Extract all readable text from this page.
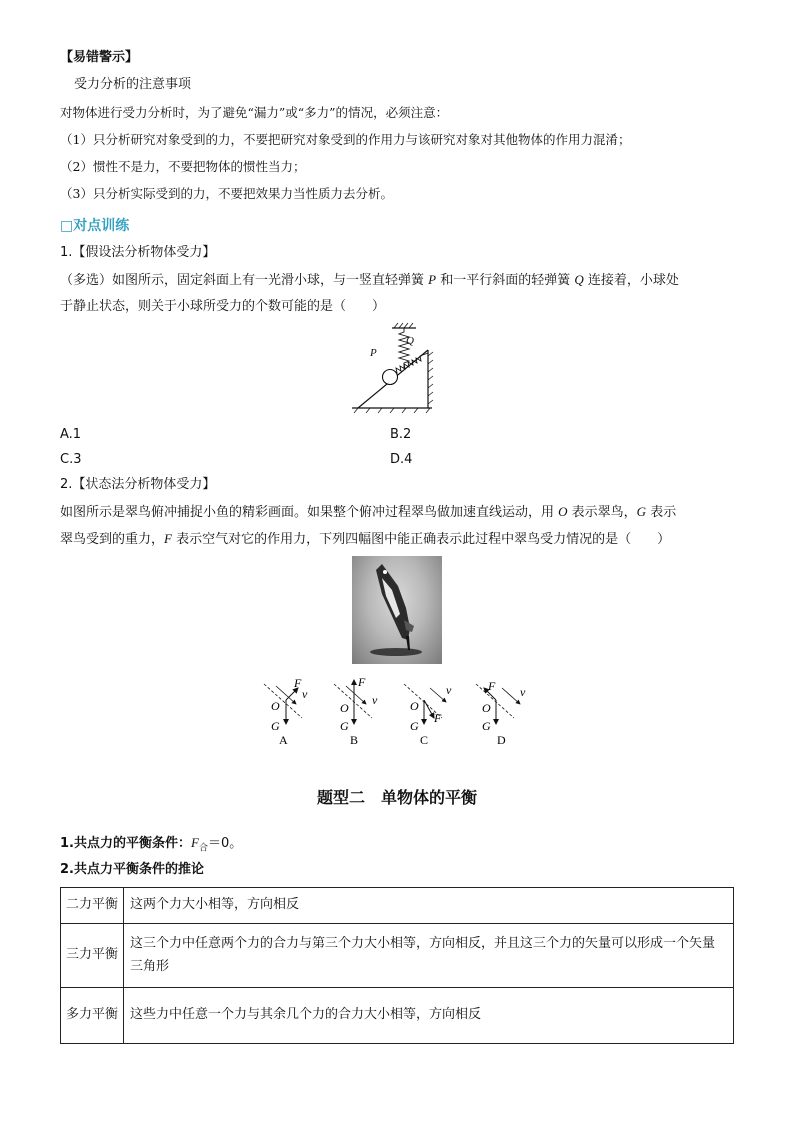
【易错警示】
受力分析的注意事项
对物体进行受力分析时，为了避免“漏力”或“多力”的情况，必须注意：
（1）只分析研究对象受到的力，不要把研究对象受到的作用力与该研究对象对其他物体的作用力混淆；
（2）惯性不是力，不要把物体的惯性当力；
（3）只分析实际受到的力，不要把效果力当性质力去分析。
□对点训练
1.【假设法分析物体受力】
（多选）如图所示，固定斜面上有一光滑小球，与一竖直轻弹簧 P 和一平行斜面的轻弹簧 Q 连接着，小球处
于静止状态，则关于小球所受力的个数可能的是（　　）
P
Q
A.1	B.2
C.3	D.4
2.【状态法分析物体受力】
如图所示是翠鸟俯冲捕捉小鱼的精彩画面。如果整个俯冲过程翠鸟做加速直线运动，用 O 表示翠鸟，G 表示
翠鸟受到的重力，F 表示空气对它的作用力，下列四幅图中能正确表示此过程中翠鸟受力情况的是（　　）
F
v
O
G
A
F
v
O
G
B
F
v
O
G
C
F v
O
G
D
题型二　单物体的平衡
1.共点力的平衡条件：$F_合=0$。
2.共点力平衡条件的推论
二力平衡	这两个力大小相等，方向相反
三力平衡	这三个力中任意两个力的合力与第三个力大小相等，方向相反，并且这三个力的矢量可以形成一个矢量三角形
多力平衡	这些力中任意一个力与其余几个力的合力大小相等，方向相反
